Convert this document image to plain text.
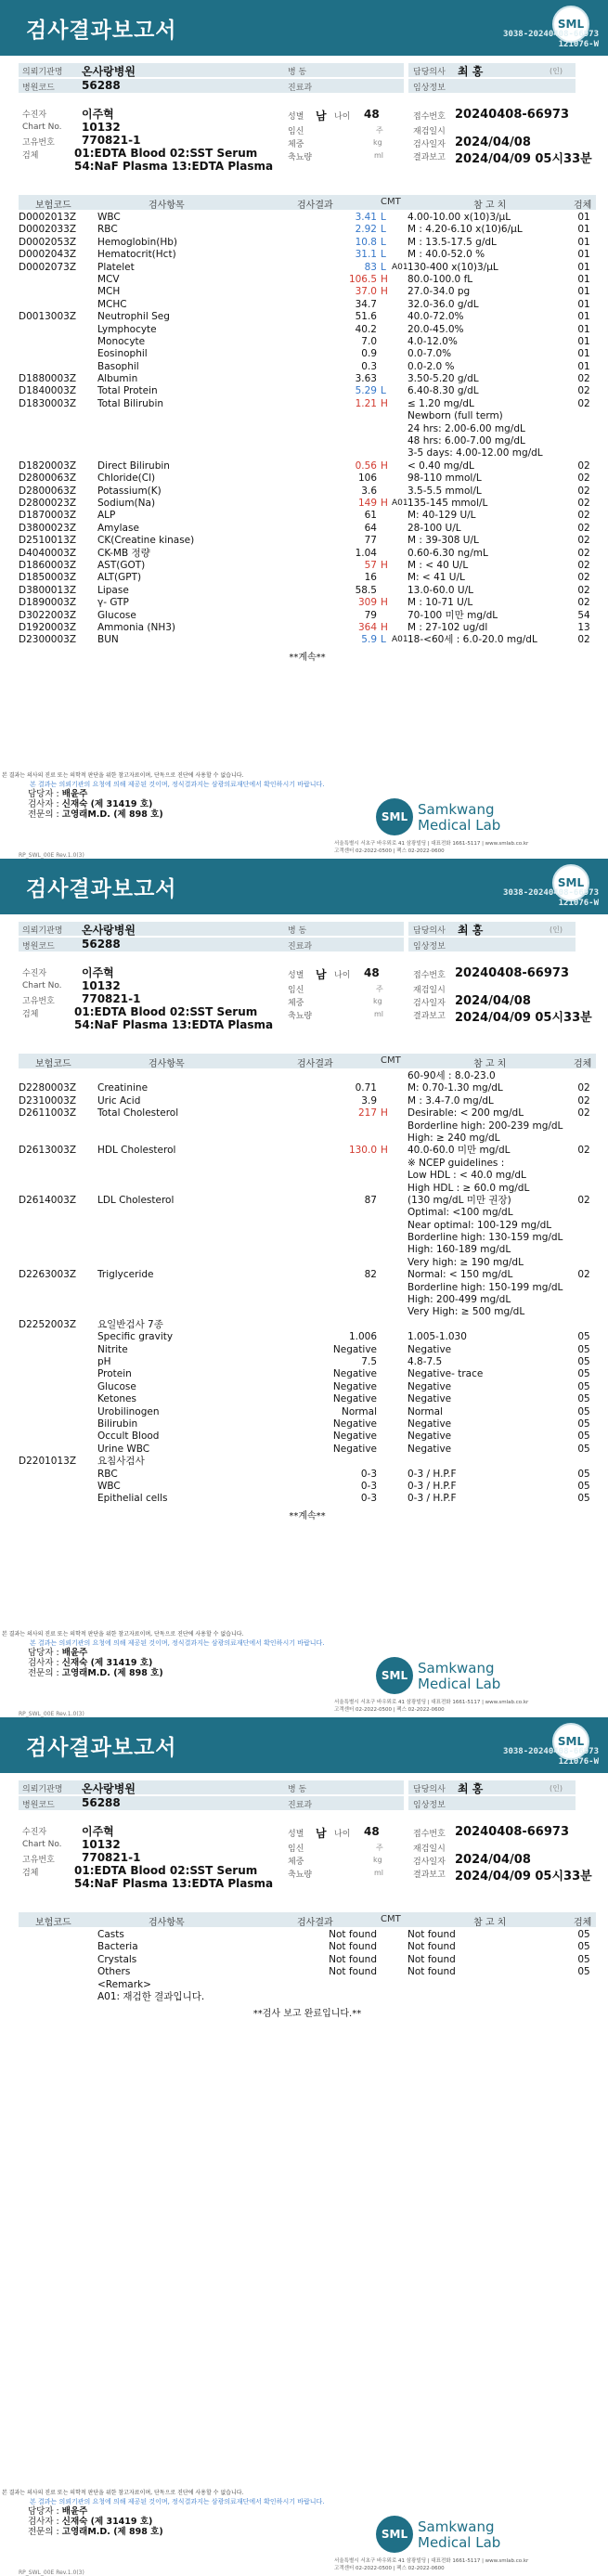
검사결과보고서	SML
3038-20240408-66973
121076-W
의뢰기관명 온사랑병원
병원코드 56288
병 동
진료과
담당의사 최 홍	(인)
임상정보
수진자	이주혁
Chart No. 10132
고유번호 770821-1
검체	01:EDTA Blood 02:SST Serum
54:NaF Plasma 13:EDTA Plasma
성별 남 나이 48
임신	주
체중	kg
축뇨량	ml
접수번호 20240408-66973
재검일시
검사일자 2024/04/08
결과보고 2024/04/09 05시33분
보험코드	검사항목	검사결과	CMT	참 고 치	검체
D0002013Z WBC	3.41 L	4.00-10.00 x(10)3/μL	01
D0002033Z RBC	2.92 L	M : 4.20-6.10 x(10)6/μL	01
D0002053Z Hemoglobin(Hb)	10.8 L	M : 13.5-17.5 g/dL	01
D0002043Z Hematocrit(Hct)	31.1 L	M : 40.0-52.0 %	01
D0002073Z Platelet	83 L A01 130-400 x(10)3/μL	01
MCV	106.5 H	80.0-100.0 fL	01
MCH	37.0 H	27.0-34.0 pg	01
MCHC	34.7	32.0-36.0 g/dL	01
D0013003Z Neutrophil Seg	51.6	40.0-72.0%	01
Lymphocyte	40.2	20.0-45.0%	01
Monocyte	7.0	4.0-12.0%	01
Eosinophil	0.9	0.0-7.0%	01
Basophil	0.3	0.0-2.0 %	01
D1880003Z Albumin	3.63	3.50-5.20 g/dL	02
D1840003Z Total Protein	5.29 L	6.40-8.30 g/dL	02
D1830003Z Total Bilirubin	1.21 H	≤ 1.20 mg/dL	02
Newborn (full term)
24 hrs: 2.00-6.00 mg/dL
48 hrs: 6.00-7.00 mg/dL
3-5 days: 4.00-12.00 mg/dL
D1820003Z Direct Bilirubin	0.56 H	< 0.40 mg/dL	02
D2800063Z Chloride(Cl)	106	98-110 mmol/L	02
D2800063Z Potassium(K)	3.6	3.5-5.5 mmol/L	02
D2800023Z Sodium(Na)	149 H A01 135-145 mmol/L	02
D1870003Z ALP	61	M: 40-129 U/L	02
D3800023Z Amylase	64	28-100 U/L	02
D2510013Z CK(Creatine kinase)	77	M : 39-308 U/L	02
D4040003Z CK-MB 정량	1.04	0.60-6.30 ng/mL	02
D1860003Z AST(GOT)	57 H	M : < 40 U/L	02
D1850003Z ALT(GPT)	16	M: < 41 U/L	02
D3800013Z Lipase	58.5	13.0-60.0 U/L	02
D1890003Z γ- GTP	309 H	M : 10-71 U/L	02
D3022003Z Glucose	79	70-100 미만 mg/dL	54
D1920003Z Ammonia (NH3)	364 H	M : 27-102 ug/dl	13
D2300003Z BUN	5.9 L A01 18-<60세 : 6.0-20.0 mg/dL	02
**계속**
본 결과는 의사의 진료 또는 의학적 판단을 위한 참고자료이며, 단독으로 진단에 사용할 수 없습니다.
본 결과는 의뢰기관의 요청에 의해 제공된 것이며, 정식결과지는 삼광의료재단에서 확인하시기 바랍니다.
담당자 : 배윤주
검사자 : 신재숙 (제 31419 호)
전문의 : 고영래M.D. (제 898 호)	SML Samkwang
Medical Lab
서울특별시 서초구 바우뫼로 41 삼광빌딩 | 대표전화 1661-5117 | www.smlab.co.kr
고객센터 02-2022-0500 | 팩스 02-2022-0600
RP_SWL_00E Rev.1.0(3)
검사결과보고서	SML
3038-20240408-66973
121076-W
의뢰기관명 온사랑병원
병원코드 56288
병 동
진료과
담당의사 최 홍	(인)
임상정보
수진자	이주혁
Chart No. 10132
고유번호 770821-1
검체	01:EDTA Blood 02:SST Serum
54:NaF Plasma 13:EDTA Plasma
성별 남 나이 48
임신	주
체중	kg
축뇨량	ml
접수번호 20240408-66973
재검일시
검사일자 2024/04/08
결과보고 2024/04/09 05시33분
보험코드	검사항목	검사결과	CMT	참 고 치	검체
60-90세 : 8.0-23.0
D2280003Z Creatinine	0.71	M: 0.70-1.30 mg/dL	02
D2310003Z Uric Acid	3.9	M : 3.4-7.0 mg/dL	02
D2611003Z Total Cholesterol	217 H	Desirable: < 200 mg/dL	02
Borderline high: 200-239 mg/dL
High: ≥ 240 mg/dL
D2613003Z HDL Cholesterol	130.0 H	40.0-60.0 미만 mg/dL	02
※ NCEP guidelines :
Low HDL : < 40.0 mg/dL
High HDL : ≥ 60.0 mg/dL
D2614003Z LDL Cholesterol	87	(130 mg/dL 미만 권장)	02
Optimal: <100 mg/dL
Near optimal: 100-129 mg/dL
Borderline high: 130-159 mg/dL
High: 160-189 mg/dL
Very high: ≥ 190 mg/dL
D2263003Z Triglyceride	82	Normal: < 150 mg/dL	02
Borderline high: 150-199 mg/dL
High: 200-499 mg/dL
Very High: ≥ 500 mg/dL
D2252003Z 요일반검사 7종
Specific gravity	1.006	1.005-1.030	05
Nitrite	Negative	Negative	05
pH	7.5	4.8-7.5	05
Protein	Negative	Negative- trace	05
Glucose	Negative	Negative	05
Ketones	Negative	Negative	05
Urobilinogen	Normal	Normal	05
Bilirubin	Negative	Negative	05
Occult Blood	Negative	Negative	05
Urine WBC	Negative	Negative	05
D2201013Z 요침사검사
RBC	0-3	0-3 / H.P.F	05
WBC	0-3	0-3 / H.P.F	05
Epithelial cells	0-3	0-3 / H.P.F	05
**계속**
본 결과는 의사의 진료 또는 의학적 판단을 위한 참고자료이며, 단독으로 진단에 사용할 수 없습니다.
본 결과는 의뢰기관의 요청에 의해 제공된 것이며, 정식결과지는 삼광의료재단에서 확인하시기 바랍니다.
담당자 : 배윤주
검사자 : 신재숙 (제 31419 호)
전문의 : 고영래M.D. (제 898 호)	SML Samkwang
Medical Lab
서울특별시 서초구 바우뫼로 41 삼광빌딩 | 대표전화 1661-5117 | www.smlab.co.kr
고객센터 02-2022-0500 | 팩스 02-2022-0600
RP_SWL_00E Rev.1.0(3)
검사결과보고서	SML
3038-20240408-66973
121076-W
의뢰기관명 온사랑병원
병원코드 56288
병 동
진료과
담당의사 최 홍	(인)
임상정보
수진자	이주혁
Chart No. 10132
고유번호 770821-1
검체	01:EDTA Blood 02:SST Serum
54:NaF Plasma 13:EDTA Plasma
성별 남 나이 48
임신	주
체중	kg
축뇨량	ml
접수번호 20240408-66973
재검일시
검사일자 2024/04/08
결과보고 2024/04/09 05시33분
보험코드	검사항목	검사결과	CMT	참 고 치	검체
Casts	Not found	Not found	05
Bacteria	Not found	Not found	05
Crystals	Not found	Not found	05
Others	Not found	Not found	05
<Remark>
A01: 재검한 결과입니다.
**검사 보고 완료입니다.**
본 결과는 의사의 진료 또는 의학적 판단을 위한 참고자료이며, 단독으로 진단에 사용할 수 없습니다.
본 결과는 의뢰기관의 요청에 의해 제공된 것이며, 정식결과지는 삼광의료재단에서 확인하시기 바랍니다.
담당자 : 배윤주
검사자 : 신재숙 (제 31419 호)
전문의 : 고영래M.D. (제 898 호)	SML Samkwang
Medical Lab
서울특별시 서초구 바우뫼로 41 삼광빌딩 | 대표전화 1661-5117 | www.smlab.co.kr
고객센터 02-2022-0500 | 팩스 02-2022-0600
RP_SWL_00E Rev.1.0(3)
